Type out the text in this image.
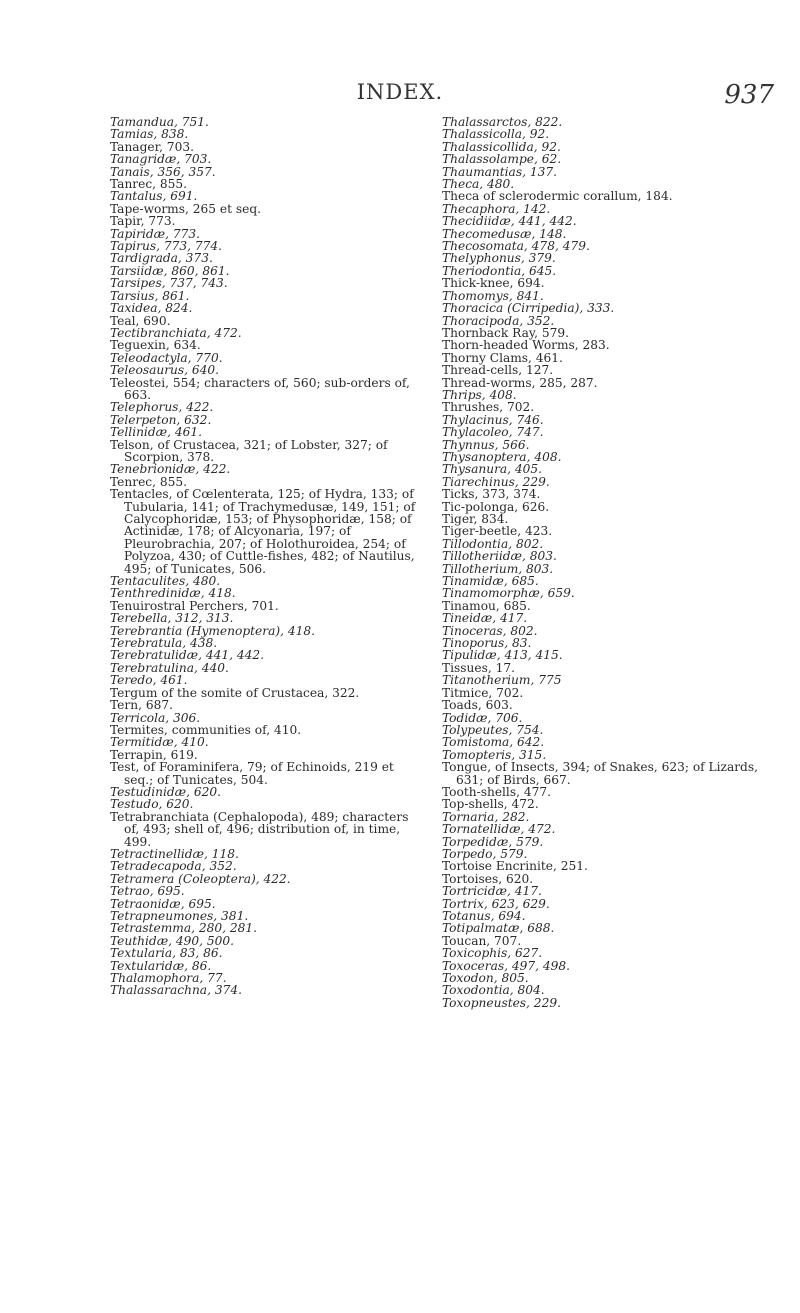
INDEX.	937

Tamandua, 751.

Tamias, 838.

Tanager, 703.

Tanagridæ, 703.

Tanais, 356, 357.

Tanrec, 855.

Tantalus, 691.

Tape-worms, 265 et seq.

Tapir, 773.

Tapiridæ, 773.

Tapirus, 773, 774.

Tardigrada, 373.

Tarsiidæ, 860, 861.

Tarsipes, 737, 743.

Tarsius, 861.

Taxidea, 824.

Teal, 690.

Tectibranchiata, 472.

Teguexin, 634.

Teleodactyla, 770.

Teleosaurus, 640.

Teleostei, 554; characters of, 560; sub-orders of, 663.

Telephorus, 422.

Telerpeton, 632.

Tellinidæ, 461.

Telson, of Crustacea, 321; of Lobster, 327; of Scorpion, 378.

Tenebrionidæ, 422.

Tenrec, 855.

Tentacles, of Cœlenterata, 125; of Hydra, 133; of Tubularia, 141; of Trachymedusæ, 149, 151; of Calycophoridæ, 153; of Physophoridæ, 158; of Actinidæ, 178; of Alcyonaria, 197; of Pleurobrachia, 207; of Holothuroidea, 254; of Polyzoa, 430; of Cuttle-fishes, 482; of Nautilus, 495; of Tunicates, 506.

Tentaculites, 480.

Tenthredinidæ, 418.

Tenuirostral Perchers, 701.

Terebella, 312, 313.

Terebrantia (Hymenoptera), 418.

Terebratula, 438.

Terebratulidæ, 441, 442.

Terebratulina, 440.

Teredo, 461.

Tergum of the somite of Crustacea, 322.

Tern, 687.

Terricola, 306.

Termites, communities of, 410.

Termitidæ, 410.

Terrapin, 619.

Test, of Foraminifera, 79; of Echinoids, 219 et seq.; of Tunicates, 504.

Testudinidæ, 620.

Testudo, 620.

Tetrabranchiata (Cephalopoda), 489; characters of, 493; shell of, 496; distribution of, in time, 499.

Tetractinellidæ, 118.

Tetradecapoda, 352.

Tetramera (Coleoptera), 422.

Tetrao, 695.

Tetraonidæ, 695.

Tetrapneumones, 381.

Tetrastemma, 280, 281.

Teuthidæ, 490, 500.

Textularia, 83, 86.

Textularidæ, 86.

Thalamophora, 77.

Thalassarachna, 374.

Thalassarctos, 822.

Thalassicolla, 92.

Thalassicollida, 92.

Thalassolampe, 62.

Thaumantias, 137.

Theca, 480.

Theca of sclerodermic corallum, 184.

Thecaphora, 142.

Thecidiidæ, 441, 442.

Thecomedusæ, 148.

Thecosomata, 478, 479.

Thelyphonus, 379.

Theriodontia, 645.

Thick-knee, 694.

Thomomys, 841.

Thoracica (Cirripedia), 333.

Thoracipoda, 352.

Thornback Ray, 579.

Thorn-headed Worms, 283.

Thorny Clams, 461.

Thread-cells, 127.

Thread-worms, 285, 287.

Thrips, 408.

Thrushes, 702.

Thylacinus, 746.

Thylacoleo, 747.

Thynnus, 566.

Thysanoptera, 408.

Thysanura, 405.

Tiarechinus, 229.

Ticks, 373, 374.

Tic-polonga, 626.

Tiger, 834.

Tiger-beetle, 423.

Tillodontia, 802.

Tillotheriidæ, 803.

Tillotherium, 803.

Tinamidæ, 685.

Tinamomorphæ, 659.

Tinamou, 685.

Tineidæ, 417.

Tinoceras, 802.

Tinoporus, 83.

Tipulidæ, 413, 415.

Tissues, 17.

Titanotherium, 775

Titmice, 702.

Toads, 603.

Todidæ, 706.

Tolypeutes, 754.

Tomistoma, 642.

Tomopteris, 315.

Tongue, of Insects, 394; of Snakes, 623; of Lizards, 631; of Birds, 667.

Tooth-shells, 477.

Top-shells, 472.

Tornaria, 282.

Tornatellidæ, 472.

Torpedidæ, 579.

Torpedo, 579.

Tortoise Encrinite, 251.

Tortoises, 620.

Tortricidæ, 417.

Tortrix, 623, 629.

Totanus, 694.

Totipalmatæ, 688.

Toucan, 707.

Toxicophis, 627.

Toxoceras, 497, 498.

Toxodon, 805.

Toxodontia, 804.

Toxopneustes, 229.
